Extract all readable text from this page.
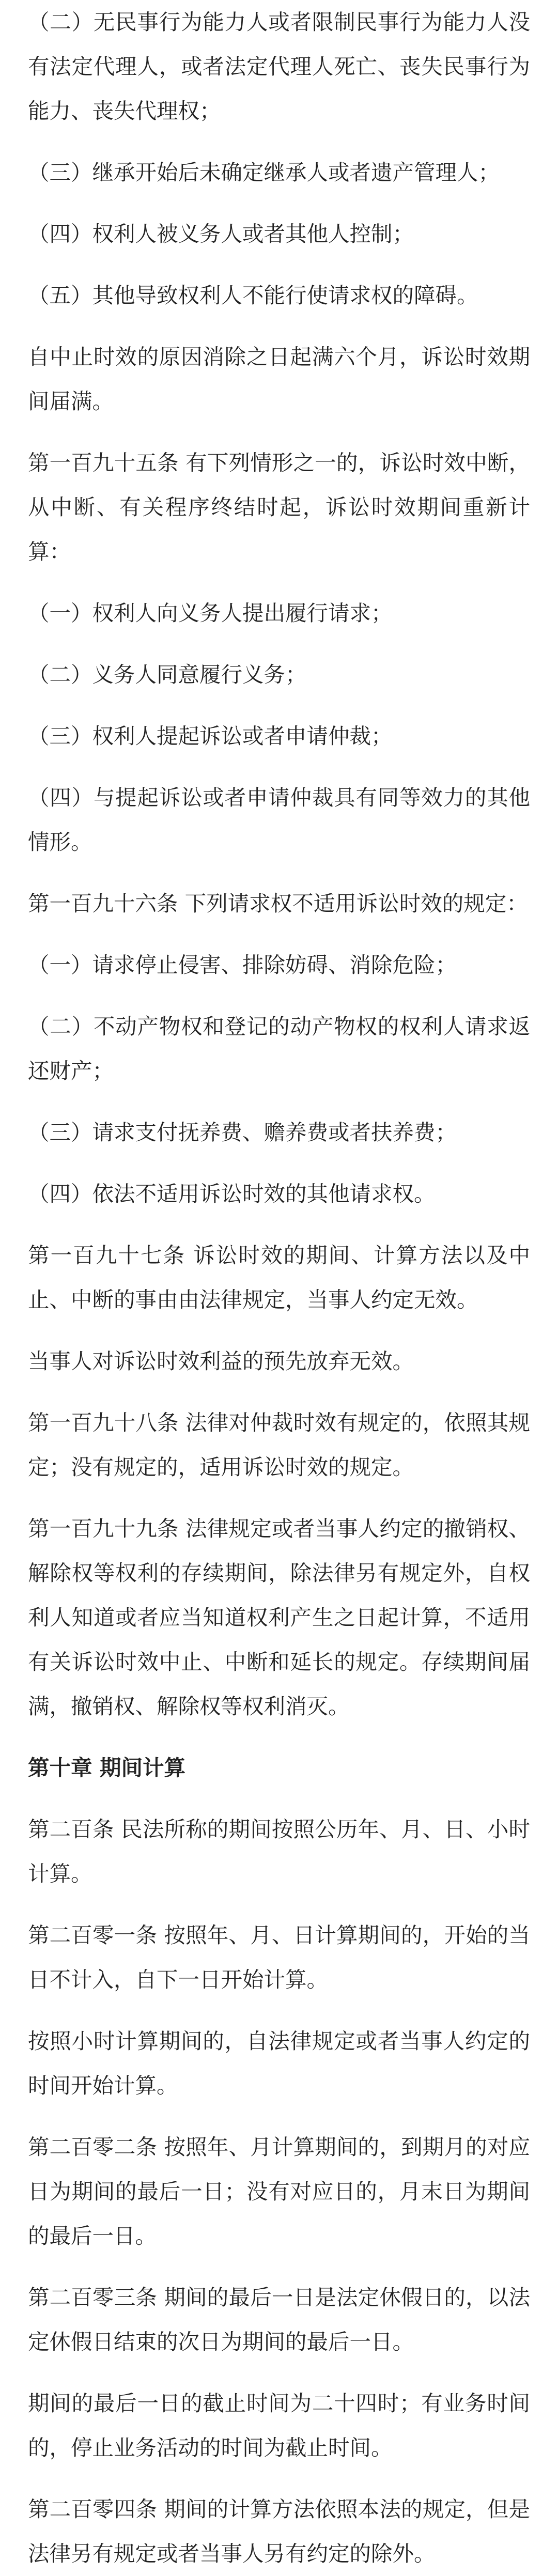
（二）无民事行为能力人或者限制民事行为能力人没有法定代理人，或者法定代理人死亡、丧失民事行为能力、丧失代理权；

（三）继承开始后未确定继承人或者遗产管理人；

（四）权利人被义务人或者其他人控制；

（五）其他导致权利人不能行使请求权的障碍。

自中止时效的原因消除之日起满六个月，诉讼时效期间届满。

第一百九十五条 有下列情形之一的，诉讼时效中断，从中断、有关程序终结时起，诉讼时效期间重新计算：

（一）权利人向义务人提出履行请求；

（二）义务人同意履行义务；

（三）权利人提起诉讼或者申请仲裁；

（四）与提起诉讼或者申请仲裁具有同等效力的其他情形。

第一百九十六条 下列请求权不适用诉讼时效的规定：

（一）请求停止侵害、排除妨碍、消除危险；

（二）不动产物权和登记的动产物权的权利人请求返还财产；

（三）请求支付抚养费、赡养费或者扶养费；

（四）依法不适用诉讼时效的其他请求权。

第一百九十七条 诉讼时效的期间、计算方法以及中止、中断的事由由法律规定，当事人约定无效。

当事人对诉讼时效利益的预先放弃无效。

第一百九十八条 法律对仲裁时效有规定的，依照其规定；没有规定的，适用诉讼时效的规定。

第一百九十九条 法律规定或者当事人约定的撤销权、解除权等权利的存续期间，除法律另有规定外，自权利人知道或者应当知道权利产生之日起计算，不适用有关诉讼时效中止、中断和延长的规定。存续期间届满，撤销权、解除权等权利消灭。

第十章 期间计算

第二百条 民法所称的期间按照公历年、月、日、小时计算。

第二百零一条 按照年、月、日计算期间的，开始的当日不计入，自下一日开始计算。

按照小时计算期间的，自法律规定或者当事人约定的时间开始计算。

第二百零二条 按照年、月计算期间的，到期月的对应日为期间的最后一日；没有对应日的，月末日为期间的最后一日。

第二百零三条 期间的最后一日是法定休假日的，以法定休假日结束的次日为期间的最后一日。

期间的最后一日的截止时间为二十四时；有业务时间的，停止业务活动的时间为截止时间。

第二百零四条 期间的计算方法依照本法的规定，但是法律另有规定或者当事人另有约定的除外。
